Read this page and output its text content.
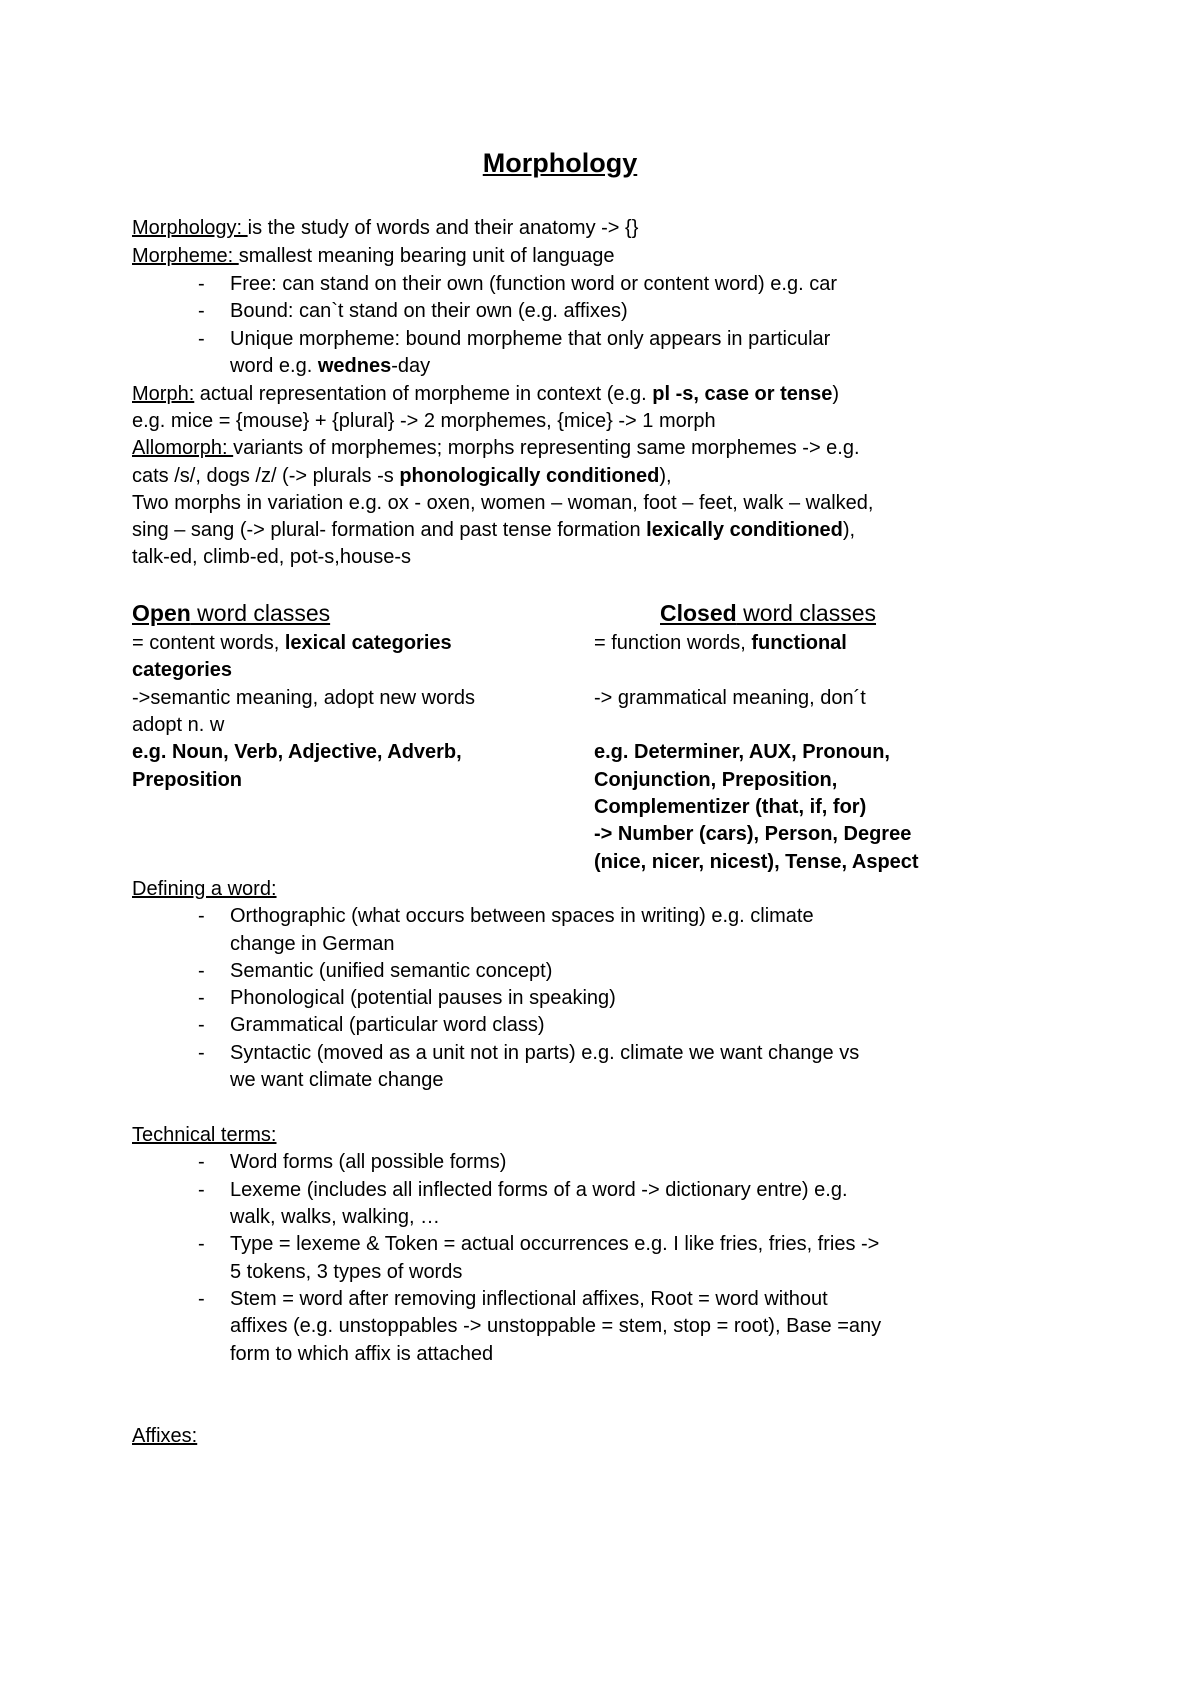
Morphology
Morphology: is the study of words and their anatomy -> {}
Morpheme: smallest meaning bearing unit of language
- Free: can stand on their own (function word or content word) e.g. car
- Bound: can`t stand on their own (e.g. affixes)
- Unique morpheme: bound morpheme that only appears in particular
word e.g. wednes-day
Morph: actual representation of morpheme in context (e.g. pl -s, case or tense)
e.g. mice = {mouse} + {plural} -> 2 morphemes, {mice} -> 1 morph
Allomorph: variants of morphemes; morphs representing same morphemes -> e.g.
cats /s/, dogs /z/ (-> plurals -s phonologically conditioned),
Two morphs in variation e.g. ox - oxen, women – woman, foot – feet, walk – walked,
sing – sang (-> plural- formation and past tense formation lexically conditioned),
talk-ed, climb-ed, pot-s,house-s
Open word classes
= content words, lexical categories
categories
->semantic meaning, adopt new words
adopt n. w
e.g. Noun, Verb, Adjective, Adverb,
Preposition
Closed word classes
= function words, functional
-> grammatical meaning, don´t
e.g. Determiner, AUX, Pronoun,
Conjunction, Preposition,
Complementizer (that, if, for)
-> Number (cars), Person, Degree
(nice, nicer, nicest), Tense, Aspect
Defining a word:
- Orthographic (what occurs between spaces in writing) e.g. climate
change in German
- Semantic (unified semantic concept)
- Phonological (potential pauses in speaking)
- Grammatical (particular word class)
- Syntactic (moved as a unit not in parts) e.g. climate we want change vs
we want climate change
Technical terms:
- Word forms (all possible forms)
- Lexeme (includes all inflected forms of a word -> dictionary entre) e.g.
walk, walks, walking, …
- Type = lexeme & Token = actual occurrences e.g. I like fries, fries, fries ->
5 tokens, 3 types of words
- Stem = word after removing inflectional affixes, Root = word without
affixes (e.g. unstoppables -> unstoppable = stem, stop = root), Base =any
form to which affix is attached
Affixes:
